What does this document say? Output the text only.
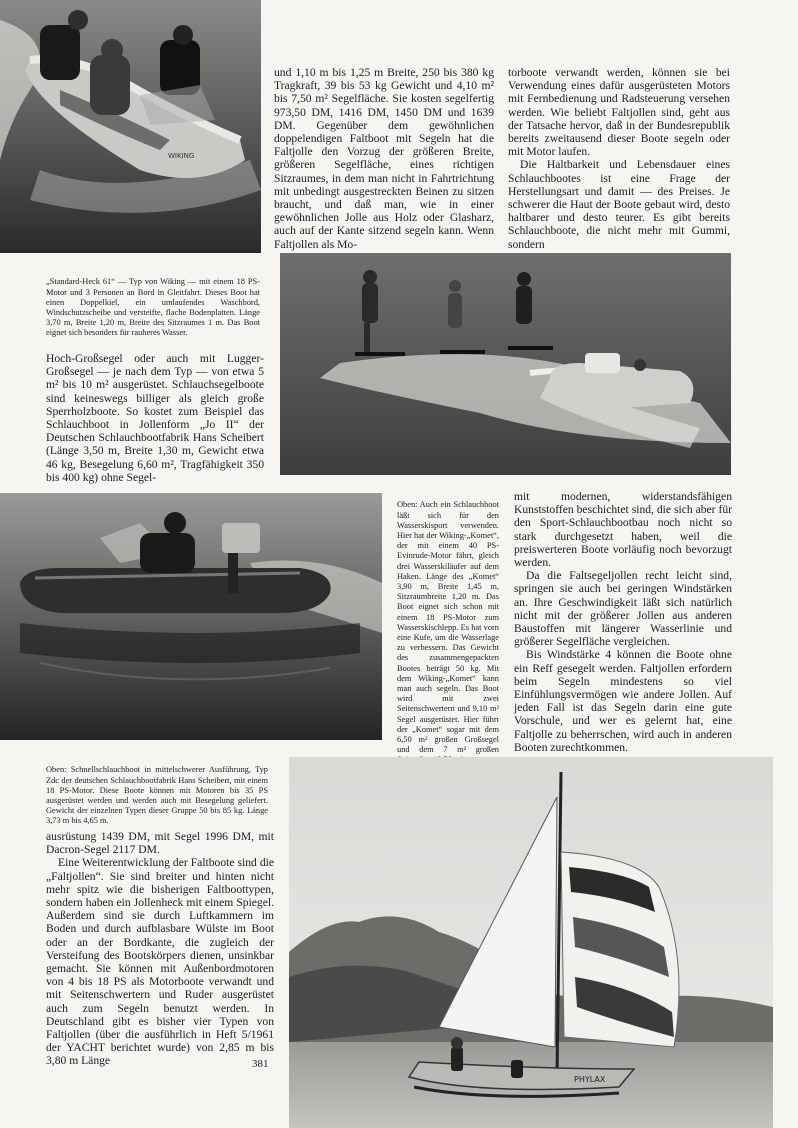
WIKING

und 1,10 m bis 1,25 m Breite, 250 bis 380 kg Tragkraft, 39 bis 53 kg Gewicht und 4,10 m² bis 7,50 m² Segelfläche. Sie kosten segelfertig 973,50 DM, 1416 DM, 1450 DM und 1639 DM. Gegenüber dem gewöhnlichen doppelendigen Faltboot mit Segeln hat die Faltjolle den Vorzug der größeren Breite, größeren Segelfläche, eines richtigen Sitzraumes, in dem man nicht in Fahrtrichtung mit unbedingt ausgestreckten Beinen zu sitzen braucht, und daß man, wie in einer gewöhnlichen Jolle aus Holz oder Glasharz, auch auf der Kante sitzend segeln kann. Wenn Faltjollen als Mo-

torboote verwandt werden, können sie bei Verwendung eines dafür ausgerüsteten Motors mit Fernbedienung und Radsteuerung versehen werden. Wie beliebt Faltjollen sind, geht aus der Tatsache hervor, daß in der Bundesrepublik bereits zweitausend dieser Boote segeln oder mit Motor laufen.

Die Haltbarkeit und Lebensdauer eines Schlauchbootes ist eine Frage der Herstellungsart und damit — des Preises. Je schwerer die Haut der Boote gebaut wird, desto haltbarer und desto teurer. Es gibt bereits Schlauchboote, die nicht mehr mit Gummi, sondern

„Standard-Heck 61“ — Typ von Wiking — mit einem 18 PS-Motor und 3 Personen an Bord in Gleitfahrt. Dieses Boot hat einen Doppelkiel, ein umlaufendes Waschbord, Windschutzscheibe und versteifte, flache Bodenplatten. Länge 3,70 m, Breite 1,20 m, Breite des Sitzraumes 1 m. Das Boot eignet sich besonders für rauheres Wasser.

Hoch-Großsegel oder auch mit Lugger-Großsegel — je nach dem Typ — von etwa 5 m² bis 10 m² ausgerüstet. Schlauchsegelboote sind keineswegs billiger als gleich große Sperrholzboote. So kostet zum Beispiel das Schlauchboot in Jollenform „Jo II“ der Deutschen Schlauchbootfabrik Hans Scheibert (Länge 3,50 m, Breite 1,30 m, Gewicht etwa 46 kg, Besegelung 6,60 m², Tragfähigkeit 350 bis 400 kg) ohne Segel-

Oben: Auch ein Schlauchboot läßt sich für den Wasserskisport verwenden. Hier hat der Wiking-„Komet“, der mit einem 40 PS-Evinrude-Motor fährt, gleich drei Wasserskiläufer auf dem Haken. Länge des „Komet“ 3,90 m, Breite 1,45 m, Sitzraumbreite 1,20 m. Das Boot eignet sich schon mit einem 18 PS-Motor zum Wasserskischlepp. Es hat vorn eine Kufe, um die Wasserlage zu verbessern. Das Gewicht des zusammengepackten Bootes beträgt 50 kg. Mit dem Wiking-„Komet“ kann man auch segeln. Das Boot wird mit zwei Seitenschwertern und 9,10 m² Segel ausgerüstet. Hier führt der „Komet“ sogar mit dem 6,50 m² großen Großsegel und dem 7 m² großen

mit modernen, widerstandsfähigen Kunststoffen beschichtet sind, die sich aber für den Sport-Schlauchbootbau noch nicht so stark durchgesetzt haben, weil die preiswerteren Boote vorläufig noch bevorzugt werden.

Da die Faltsegeljollen recht leicht sind, springen sie auch bei geringen Windstärken an. Ihre Geschwindigkeit läßt sich natürlich nicht mit der größerer Jollen aus anderen Baustoffen mit längerer Wasserlinie und größerer Segelfläche vergleichen.

Bis Windstärke 4 können die Boote ohne ein Reff gesegelt werden. Faltjollen erfordern beim Segeln mindestens so viel Einfühlungsvermögen wie andere Jollen. Auf jeden Fall ist das Segeln darin eine gute Vorschule, und wer es gelernt hat, eine Faltjolle zu beherrschen, wird auch in anderen Booten zurechtkommen.

Oben: Schnellschlauchboot in mittelschwerer Ausführung, Typ Zdc der deutschen Schlauchbootfabrik Hans Scheibert, mit einem 18 PS-Motor. Diese Boote können mit Motoren bis 35 PS ausgerüstet werden und werden auch mit Besegelung geliefert. Gewicht der einzelnen Typen dieser Gruppe 50 bis 85 kg. Länge 3,73 m bis 4,65 m.

ausrüstung 1439 DM, mit Segel 1996 DM, mit Dacron-Segel 2117 DM.

Eine Weiterentwicklung der Faltboote sind die „Faltjollen“. Sie sind breiter und hinten nicht mehr spitz wie die bisherigen Faltboottypen, sondern haben ein Jollenheck mit einem Spiegel. Außerdem sind sie durch Luftkammern im Boden und durch aufblasbare Wülste im Boot oder an der Bordkante, die zugleich der Versteifung des Bootskörpers dienen, unsinkbar gemacht. Sie können mit Außenbordmotoren von 4 bis 18 PS als Motorboote verwandt und mit Seitenschwertern und Ruder ausgerüstet auch zum Segeln benutzt werden. In Deutschland gibt es bisher vier Typen von Faltjollen (über die ausführlich in Heft 5/1961 der YACHT berichtet wurde) von 2,85 m bis 3,80 m Länge

PHYLAX
381
